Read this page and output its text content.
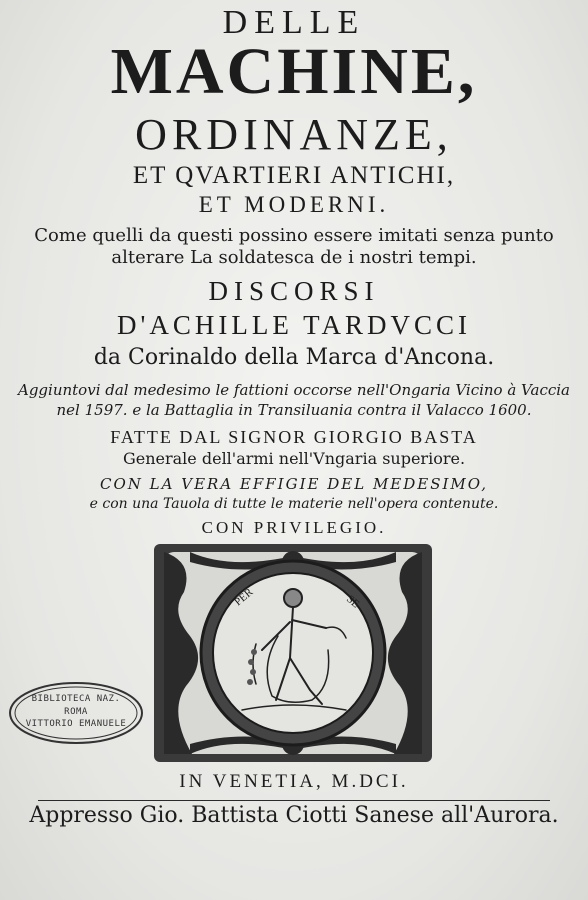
DELLE
MACHINE,
ORDINANZE,
ET QVARTIERI ANTICHI,
ET MODERNI.
Come quelli da questi possino essere imitati senza punto
alterare La soldatesca de i nostri tempi.
DISCORSI
D'ACHILLE TARDVCCI
da Corinaldo della Marca d'Ancona.
Aggiuntovi dal medesimo le fattioni occorse nell'Ongaria Vicino à Vaccia
nel 1597. e la Battaglia in Transiluania contra il Valacco 1600.
FATTE DAL SIGNOR GIORGIO BASTA
Generale dell'armi nell'Vngaria superiore.
CON LA VERA EFFIGIE DEL MEDESIMO,
e con una Tauola di tutte le materie nell'opera contenute.
CON PRIVILEGIO.
PER	SE
BIBLIOTECA NAZ.
ROMA
VITTORIO EMANUELE
IN VENETIA, M.DCI.
Appresso Gio. Battista Ciotti Sanese all'Aurora.
